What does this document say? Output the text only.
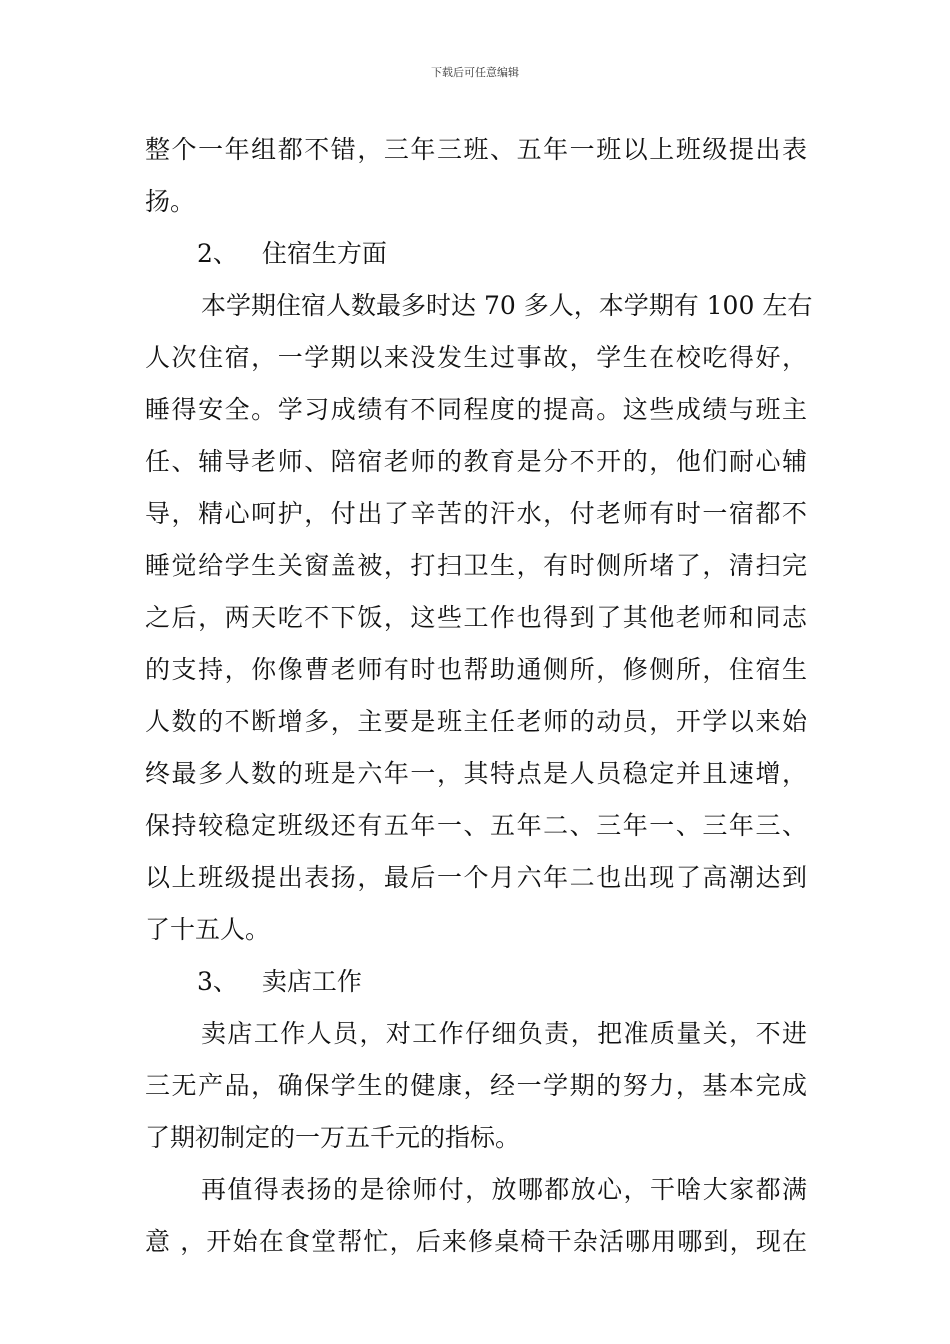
下载后可任意编辑
整个一年组都不错，三年三班、五年一班以上班级提出表
扬。
2、 住宿生方面
本学期住宿人数最多时达 70 多人，本学期有 100 左右
人次住宿，一学期以来没发生过事故，学生在校吃得好，
睡得安全。学习成绩有不同程度的提高。这些成绩与班主
任、辅导老师、陪宿老师的教育是分不开的，他们耐心辅
导，精心呵护，付出了辛苦的汗水，付老师有时一宿都不
睡觉给学生关窗盖被，打扫卫生，有时侧所堵了，清扫完
之后，两天吃不下饭，这些工作也得到了其他老师和同志
的支持，你像曹老师有时也帮助通侧所，修侧所，住宿生
人数的不断增多，主要是班主任老师的动员，开学以来始
终最多人数的班是六年一，其特点是人员稳定并且速增，
保持较稳定班级还有五年一、五年二、三年一、三年三、
以上班级提出表扬，最后一个月六年二也出现了高潮达到
了十五人。
3、 卖店工作
卖店工作人员，对工作仔细负责，把准质量关，不进
三无产品，确保学生的健康，经一学期的努力，基本完成
了期初制定的一万五千元的指标。
再值得表扬的是徐师付，放哪都放心，干啥大家都满
意 ，开始在食堂帮忙，后来修桌椅干杂活哪用哪到，现在
